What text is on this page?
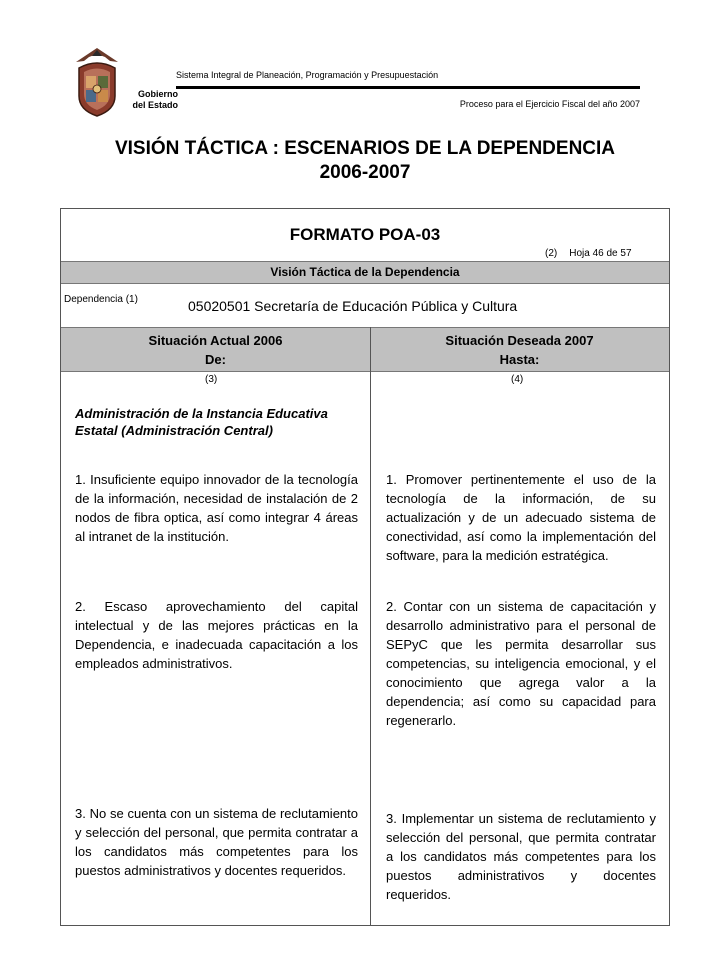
Gobierno
del Estado
Sistema Integral de Planeación, Programación y Presupuestación
Proceso para el Ejercicio Fiscal del año 2007
VISIÓN TÁCTICA : ESCENARIOS DE LA DEPENDENCIA
2006-2007
FORMATO POA-03
(2) Hoja 46 de 57
Visión Táctica de la Dependencia
Dependencia (1)	05020501 Secretaría de Educación Pública y Cultura
Situación Actual 2006
De:
Situación Deseada 2007
Hasta:
(3)	(4)
Administración de la Instancia Educativa Estatal (Administración Central)
1. Insuficiente equipo innovador de la tecnología de la información, necesidad de instalación de 2 nodos de fibra optica, así como integrar 4 áreas al intranet de la institución.
1. Promover pertinentemente el uso de la tecnología de la información, de su actualización y de un adecuado sistema de conectividad, así como la implementación del software, para la medición estratégica.
2. Escaso aprovechamiento del capital intelectual y de las mejores prácticas en la Dependencia, e inadecuada capacitación a los empleados administrativos.
2. Contar con un sistema de capacitación y desarrollo administrativo para el personal de SEPyC que les permita desarrollar sus competencias, su inteligencia emocional, y el conocimiento que agrega valor a la dependencia; así como su capacidad para regenerarlo.
3. No se cuenta con un sistema de reclutamiento y selección del personal, que permita contratar a los candidatos más competentes para los puestos administrativos y docentes requeridos.
3. Implementar un sistema de reclutamiento y selección del personal, que permita contratar a los candidatos más competentes para los puestos administrativos y docentes requeridos.
